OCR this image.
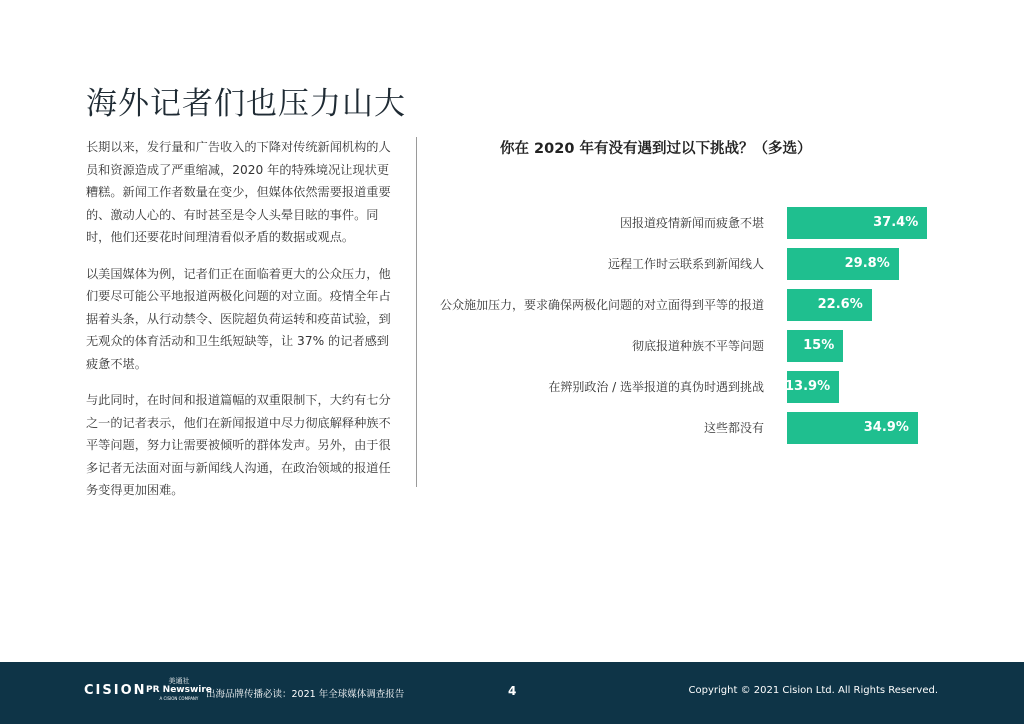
海外记者们也压力山大

长期以来，发行量和广告收入的下降对传统新闻机构的人员和资源造成了严重缩减，2020 年的特殊境况让现状更糟糕。新闻工作者数量在变少，但媒体依然需要报道重要的、激动人心的、有时甚至是令人头晕目眩的事件。同时，他们还要花时间理清看似矛盾的数据或观点。

以美国媒体为例，记者们正在面临着更大的公众压力，他们要尽可能公平地报道两极化问题的对立面。疫情全年占据着头条，从行动禁令、医院超负荷运转和疫苗试验，到无观众的体育活动和卫生纸短缺等，让 37% 的记者感到疲惫不堪。

与此同时，在时间和报道篇幅的双重限制下，大约有七分之一的记者表示，他们在新闻报道中尽力彻底解释种族不平等问题，努力让需要被倾听的群体发声。另外，由于很多记者无法面对面与新闻线人沟通，在政治领域的报道任务变得更加困难。

你在 2020 年有没有遇到过以下挑战？（多选）
因报道疫情新闻而疲惫不堪	37.4%
远程工作时云联系到新闻线人	29.8%
公众施加压力，要求确保两极化问题的对立面得到平等的报道	22.6%
彻底报道种族不平等问题	15%
在辨别政治 / 选举报道的真伪时遇到挑战 13.9%
这些都没有	34.9%
CISION
美通社
PR Newswire
A CISION COMPANY 出海品牌传播必读：2021 年全球媒体调查报告	4	Copyright © 2021 Cision Ltd. All Rights Reserved.
